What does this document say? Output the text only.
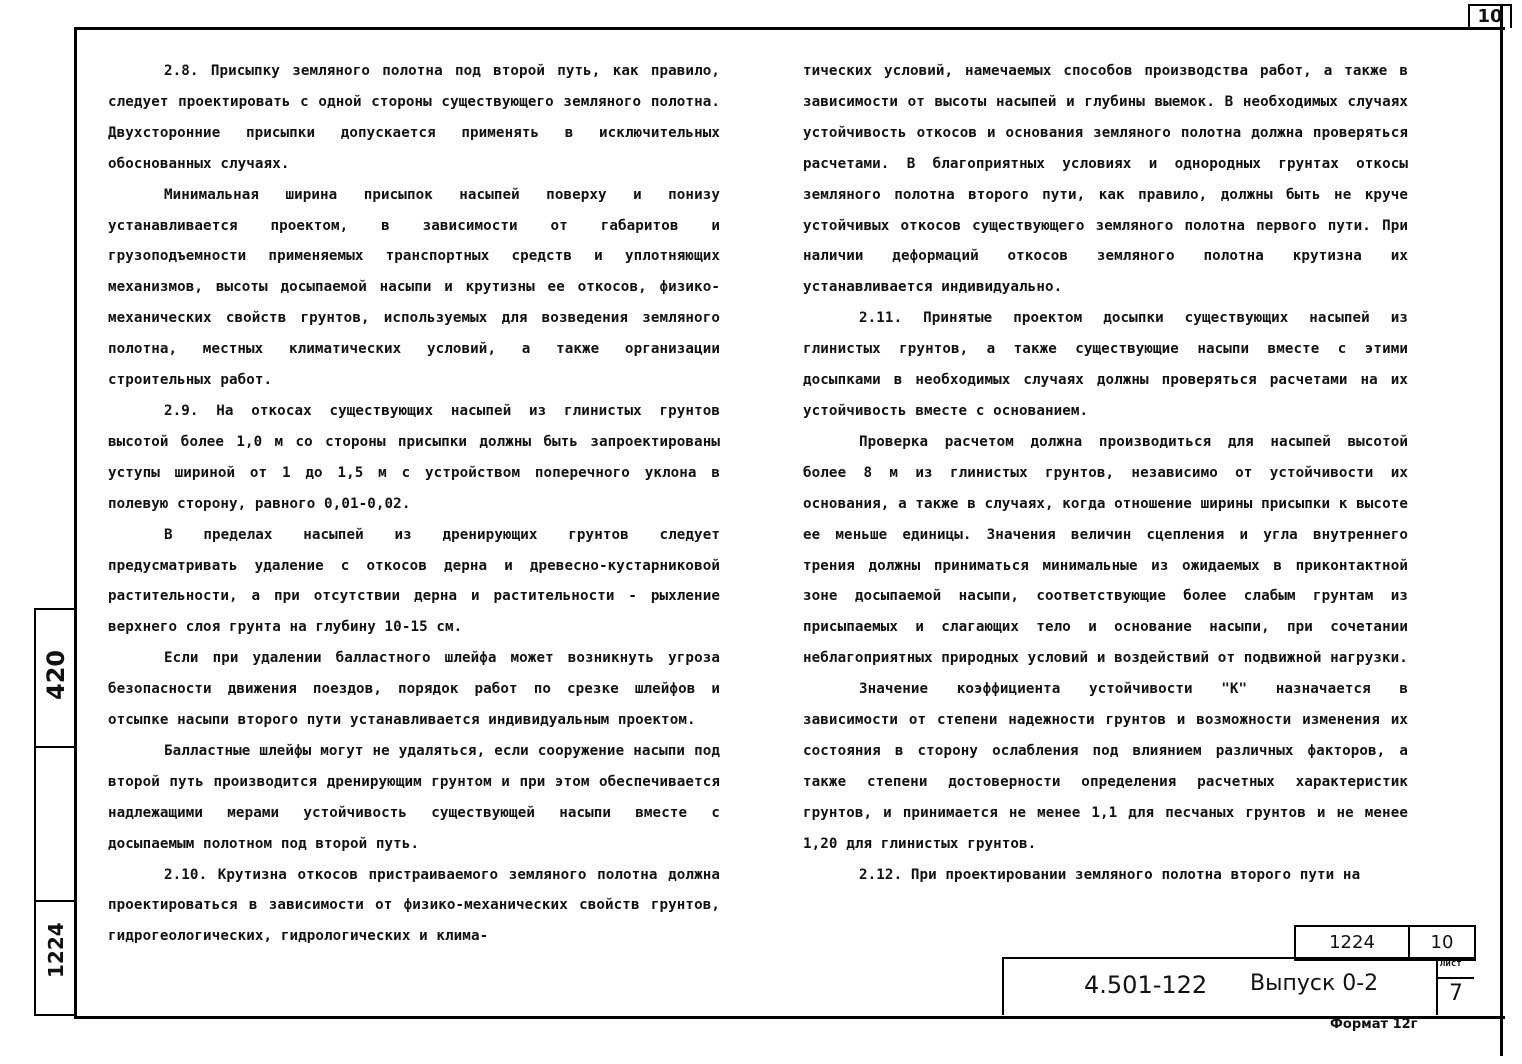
10

2.8. Присыпку земляного полотна под второй путь, как правило, следует проектировать с одной стороны существующего земляного полотна. Двухсторонние присыпки допускается применять в исключительных обоснованных случаях.

Минимальная ширина присыпок насыпей поверху и понизу устанавливается проектом, в зависимости от габаритов и грузоподъемности применяемых транспортных средств и уплотняющих механизмов, высоты досыпаемой насыпи и крутизны ее откосов, физико-механических свойств грунтов, используемых для возведения земляного полотна, местных климатических условий, а также организации строительных работ.

2.9. На откосах существующих насыпей из глинистых грунтов высотой более 1,0 м со стороны присыпки должны быть запроектированы уступы шириной от 1 до 1,5 м с устройством поперечного уклона в полевую сторону, равного 0,01-0,02.

В пределах насыпей из дренирующих грунтов следует предусматривать удаление с откосов дерна и древесно-кустарниковой растительности, а при отсутствии дерна и растительности - рыхление верхнего слоя грунта на глубину 10-15 см.

Если при удалении балластного шлейфа может возникнуть угроза безопасности движения поездов, порядок работ по срезке шлейфов и отсыпке насыпи второго пути устанавливается индивидуальным проектом.

Балластные шлейфы могут не удаляться, если сооружение насыпи под второй путь производится дренирующим грунтом и при этом обеспечивается надлежащими мерами устойчивость существующей насыпи вместе с досыпаемым полотном под второй путь.

2.10. Крутизна откосов пристраиваемого земляного полотна должна проектироваться в зависимости от физико-механических свойств грунтов, гидрогеологических, гидрологических и клима-

тических условий, намечаемых способов производства работ, а также в зависимости от высоты насыпей и глубины выемок. В необходимых случаях устойчивость откосов и основания земляного полотна должна проверяться расчетами. В благоприятных условиях и однородных грунтах откосы земляного полотна второго пути, как правило, должны быть не круче устойчивых откосов существующего земляного полотна первого пути. При наличии деформаций откосов земляного полотна крутизна их устанавливается индивидуально.

2.11. Принятые проектом досыпки существующих насыпей из глинистых грунтов, а также существующие насыпи вместе с этими досыпками в необходимых случаях должны проверяться расчетами на их устойчивость вместе с основанием.

Проверка расчетом должна производиться для насыпей высотой более 8 м из глинистых грунтов, независимо от устойчивости их основания, а также в случаях, когда отношение ширины присыпки к высоте ее меньше единицы. Значения величин сцепления и угла внутреннего трения должны приниматься минимальные из ожидаемых в приконтактной зоне досыпаемой насыпи, соответствующие более слабым грунтам из присыпаемых и слагающих тело и основание насыпи, при сочетании неблагоприятных природных условий и воздействий от подвижной нагрузки.

Значение коэффициента устойчивости "К" назначается в зависимости от степени надежности грунтов и возможности изменения их состояния в сторону ослабления под влиянием различных факторов, а также степени достоверности определения расчетных характеристик грунтов, и принимается не менее 1,1 для песчаных грунтов и не менее 1,20 для глинистых грунтов.

2.12. При проектировании земляного полотна второго пути на

420
1224	1224	10
4.501-122 Выпуск 0-2
Лист
7
Формат 12г
